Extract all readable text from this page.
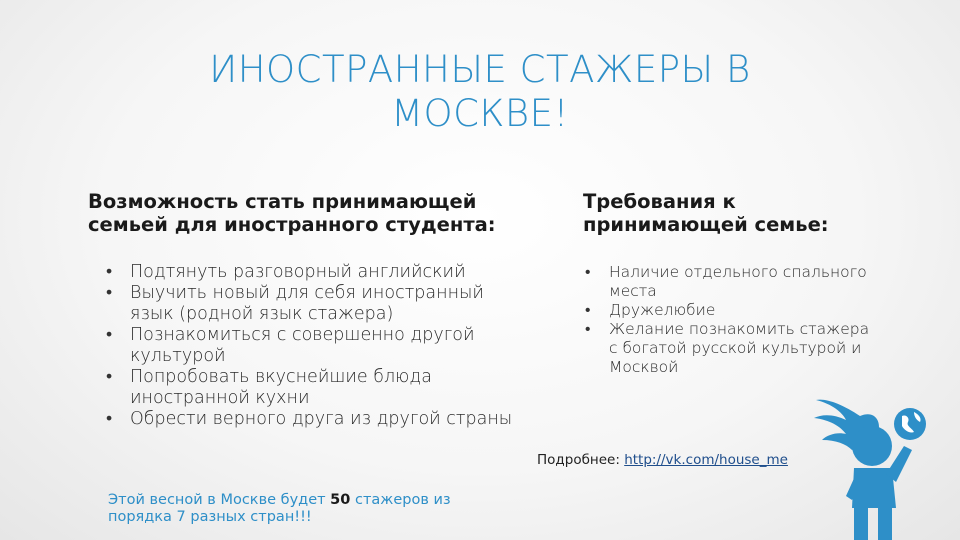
ИНОСТРАННЫЕ СТАЖЕРЫ В
МОСКВЕ!
Возможность стать принимающей
семьей для иностранного студента:
• Подтянуть разговорный английский
• Выучить новый для себя иностранный язык (родной язык стажера)
• Познакомиться с совершенно другой культурой
• Попробовать вкуснейшие блюда иностранной кухни
• Обрести верного друга из другой страны
Требования к
принимающей семье:
• Наличие отдельного спального места
• Дружелюбие
• Желание познакомить стажера с богатой русской культурой и Москвой
Подробнее: http://vk.com/house_me
Этой весной в Москве будет 50 стажеров из порядка 7 разных стран!!!
